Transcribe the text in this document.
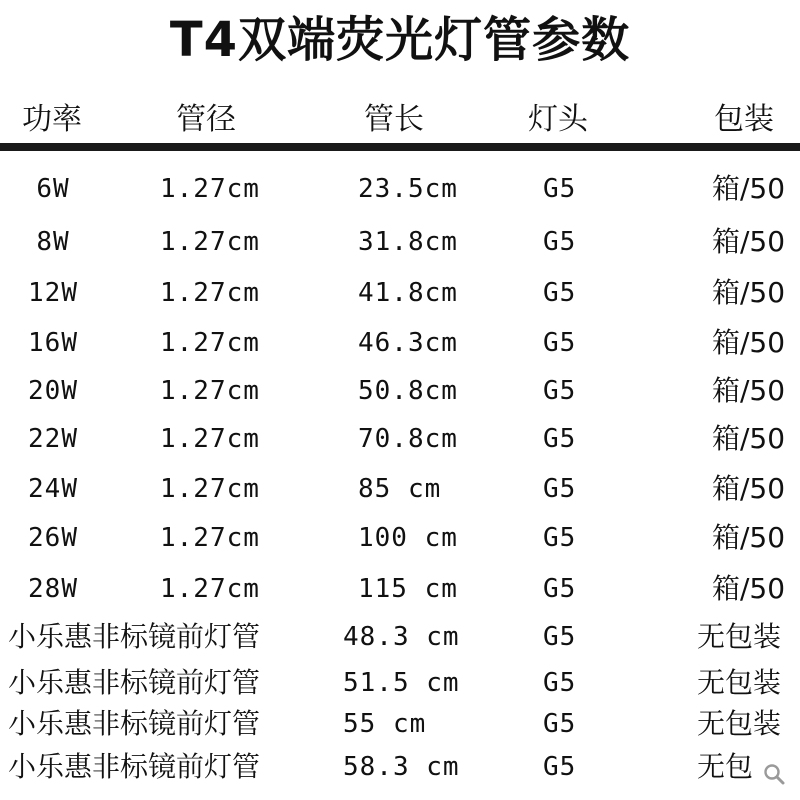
T4双端荧光灯管参数
功率	管径	管长	灯头	包装
6W	1.27cm	23.5cm	G5	箱/50
8W	1.27cm	31.8cm	G5	箱/50
12W	1.27cm	41.8cm	G5	箱/50
16W	1.27cm	46.3cm	G5	箱/50
20W	1.27cm	50.8cm	G5	箱/50
22W	1.27cm	70.8cm	G5	箱/50
24W	1.27cm	85 cm	G5	箱/50
26W	1.27cm	100 cm	G5	箱/50
28W	1.27cm	115 cm	G5	箱/50
小乐惠非标镜前灯管	48.3 cm	G5	无包装
小乐惠非标镜前灯管	51.5 cm	G5	无包装
小乐惠非标镜前灯管	55 cm	G5	无包装
小乐惠非标镜前灯管	58.3 cm	G5	无包
